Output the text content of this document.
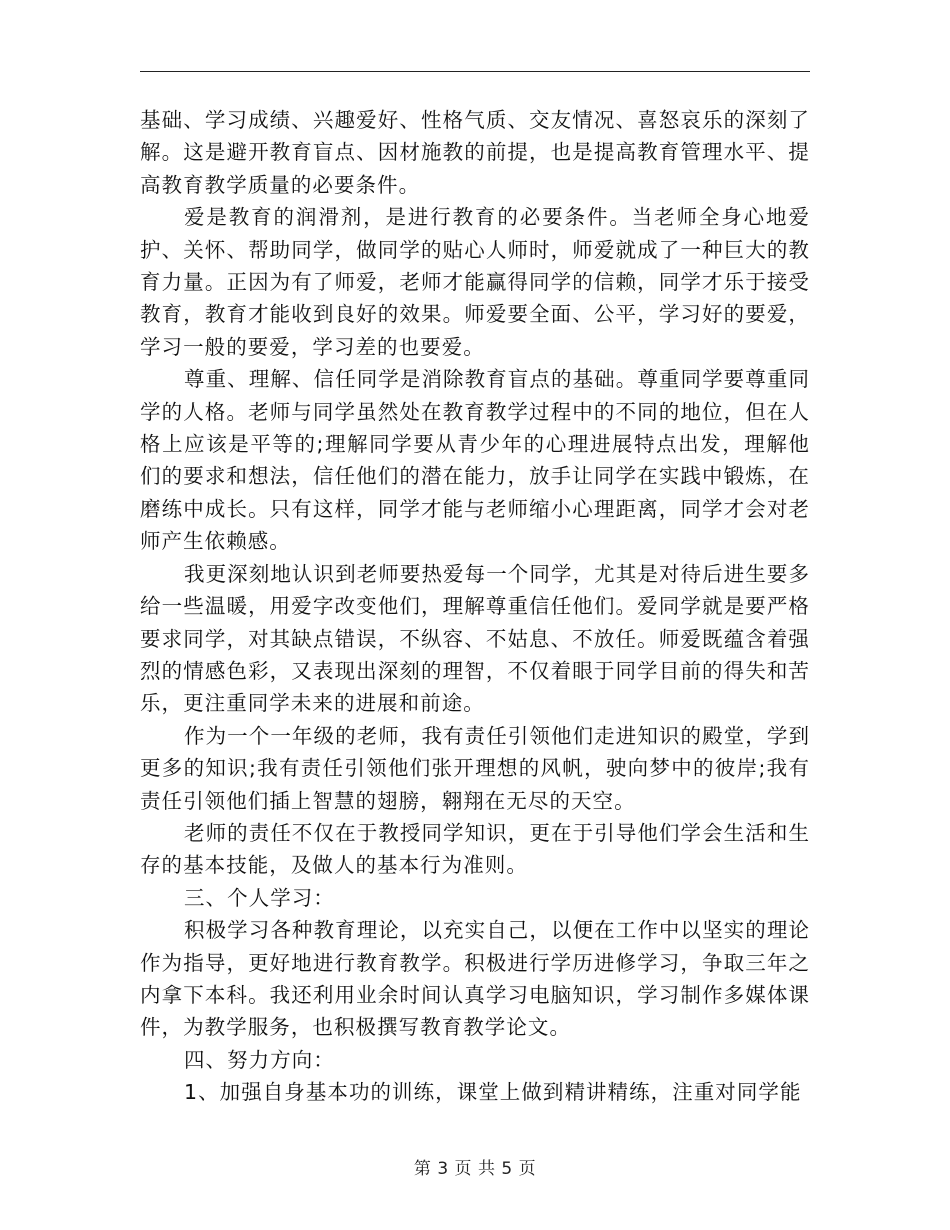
基础、学习成绩、兴趣爱好、性格气质、交友情况、喜怒哀乐的深刻了解。这是避开教育盲点、因材施教的前提，也是提高教育管理水平、提高教育教学质量的必要条件。

爱是教育的润滑剂，是进行教育的必要条件。当老师全身心地爱护、关怀、帮助同学，做同学的贴心人师时，师爱就成了一种巨大的教育力量。正因为有了师爱，老师才能赢得同学的信赖，同学才乐于接受教育，教育才能收到良好的效果。师爱要全面、公平，学习好的要爱，学习一般的要爱，学习差的也要爱。

尊重、理解、信任同学是消除教育盲点的基础。尊重同学要尊重同学的人格。老师与同学虽然处在教育教学过程中的不同的地位，但在人格上应该是平等的;理解同学要从青少年的心理进展特点出发，理解他们的要求和想法，信任他们的潜在能力，放手让同学在实践中锻炼，在磨练中成长。只有这样，同学才能与老师缩小心理距离，同学才会对老师产生依赖感。

我更深刻地认识到老师要热爱每一个同学，尤其是对待后进生要多给一些温暖，用爱字改变他们，理解尊重信任他们。爱同学就是要严格要求同学，对其缺点错误，不纵容、不姑息、不放任。师爱既蕴含着强烈的情感色彩，又表现出深刻的理智，不仅着眼于同学目前的得失和苦乐，更注重同学未来的进展和前途。

作为一个一年级的老师，我有责任引领他们走进知识的殿堂，学到更多的知识;我有责任引领他们张开理想的风帆，驶向梦中的彼岸;我有责任引领他们插上智慧的翅膀，翱翔在无尽的天空。

老师的责任不仅在于教授同学知识，更在于引导他们学会生活和生存的基本技能，及做人的基本行为准则。

三、个人学习：

积极学习各种教育理论，以充实自己，以便在工作中以坚实的理论作为指导，更好地进行教育教学。积极进行学历进修学习，争取三年之内拿下本科。我还利用业余时间认真学习电脑知识，学习制作多媒体课件，为教学服务，也积极撰写教育教学论文。

四、努力方向：

1、加强自身基本功的训练，课堂上做到精讲精练，注重对同学能

第 3 页 共 5 页
